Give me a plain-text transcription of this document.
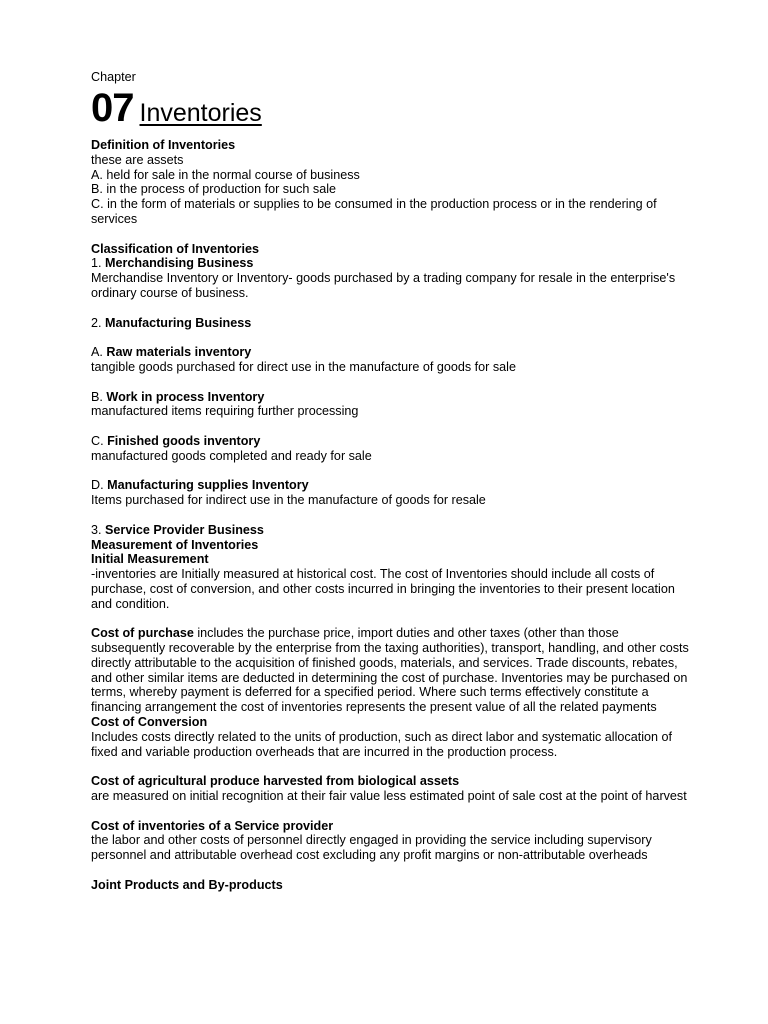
Chapter

07 Inventories

Definition of Inventories

these are assets

A. held for sale in the normal course of business

B. in the process of production for such sale

C. in the form of materials or supplies to be consumed in the production process or in the rendering of services

Classification of Inventories

1. Merchandising Business

Merchandise Inventory or Inventory- goods purchased by a trading company for resale in the enterprise's ordinary course of business.

2. Manufacturing Business

A. Raw materials inventory

tangible goods purchased for direct use in the manufacture of goods for sale

B. Work in process Inventory

manufactured items requiring further processing

C. Finished goods inventory

manufactured goods completed and ready for sale

D. Manufacturing supplies Inventory

Items purchased for indirect use in the manufacture of goods for resale

3. Service Provider Business

Measurement of Inventories

Initial Measurement

-inventories are Initially measured at historical cost. The cost of Inventories should include all costs of purchase, cost of conversion, and other costs incurred in bringing the inventories to their present location and condition.

Cost of purchase includes the purchase price, import duties and other taxes (other than those subsequently recoverable by the enterprise from the taxing authorities), transport, handling, and other costs directly attributable to the acquisition of finished goods, materials, and services. Trade discounts, rebates, and other similar items are deducted in determining the cost of purchase. Inventories may be purchased on terms, whereby payment is deferred for a specified period. Where such terms effectively constitute a financing arrangement the cost of inventories represents the present value of all the related payments

Cost of Conversion

Includes costs directly related to the units of production, such as direct labor and systematic allocation of fixed and variable production overheads that are incurred in the production process.

Cost of agricultural produce harvested from biological assets

are measured on initial recognition at their fair value less estimated point of sale cost at the point of harvest

Cost of inventories of a Service provider

the labor and other costs of personnel directly engaged in providing the service including supervisory personnel and attributable overhead cost excluding any profit margins or non-attributable overheads

Joint Products and By-products
